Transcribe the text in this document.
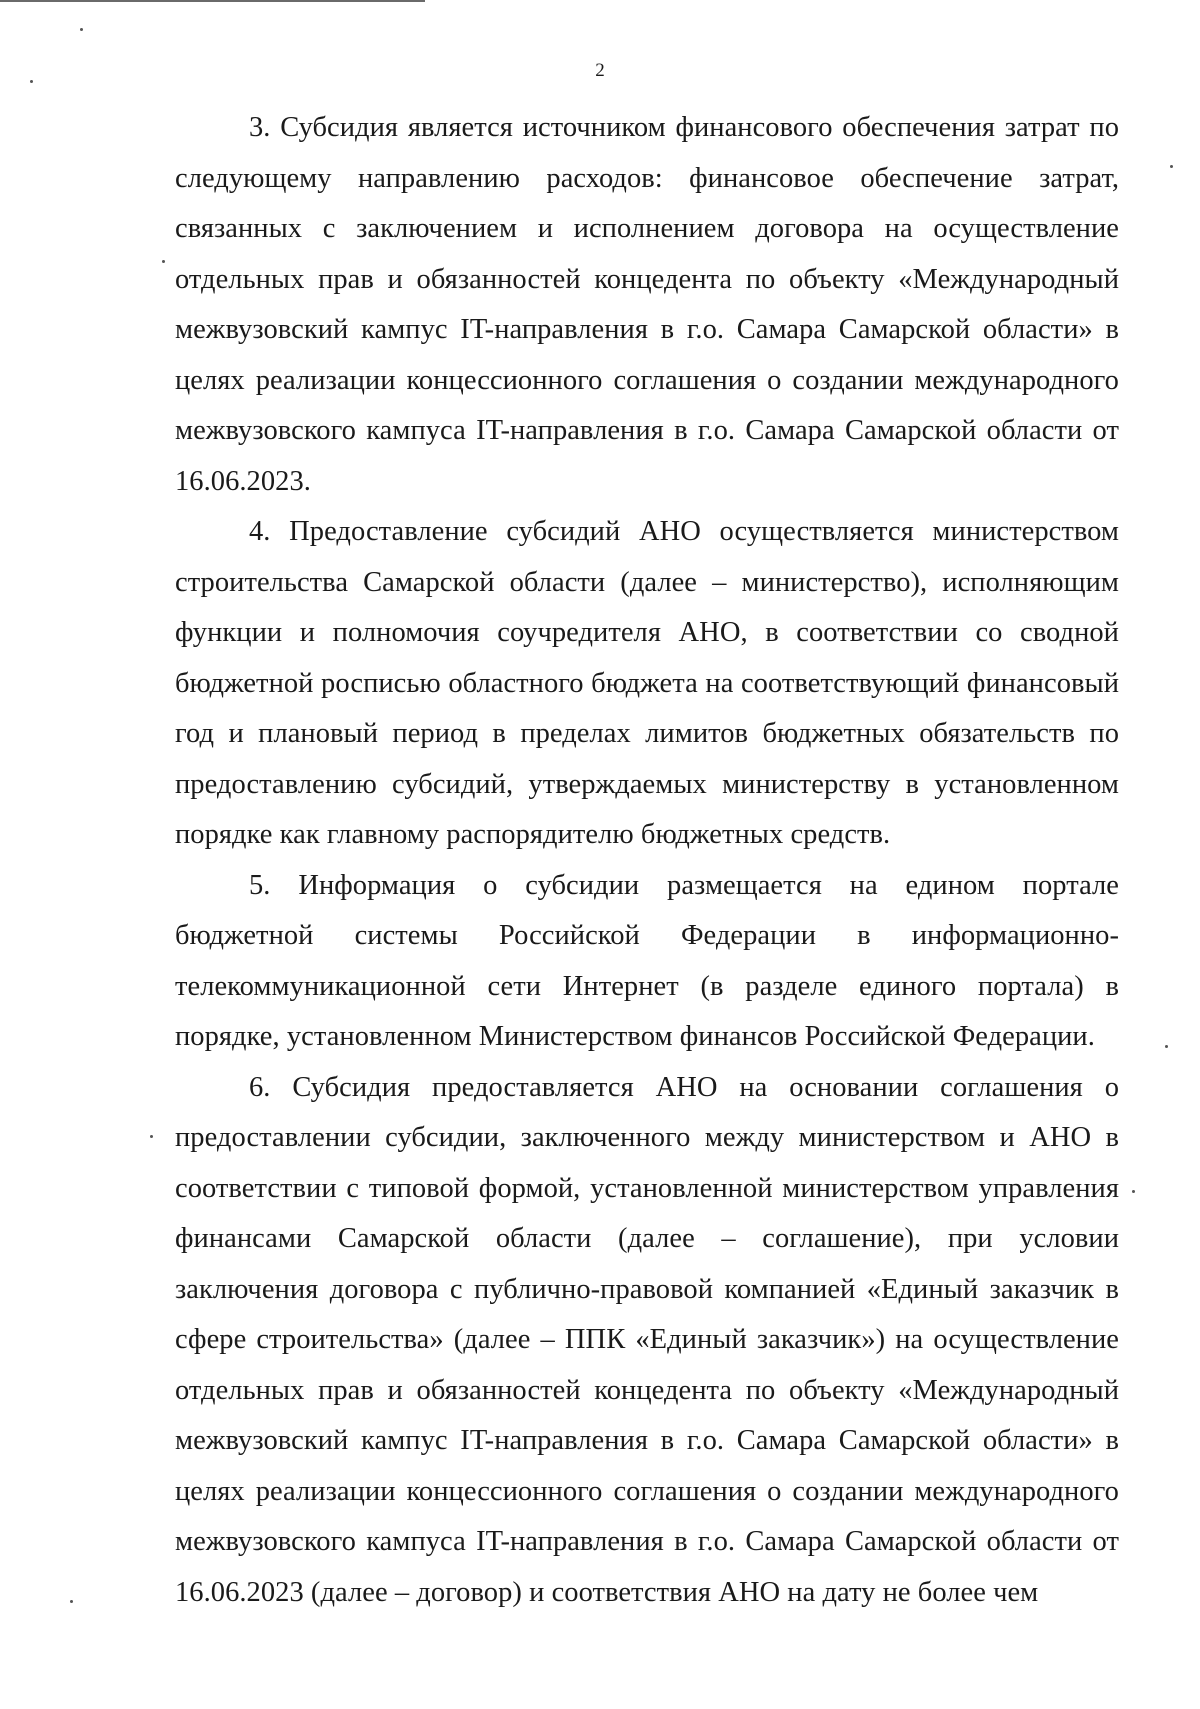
2

3. Субсидия является источником финансового обеспечения затрат по следующему направлению расходов: финансовое обеспечение затрат, связанных с заключением и исполнением договора на осуществление отдельных прав и обязанностей концедента по объекту «Международный межвузовский кампус IT-направления в г.о. Самара Самарской области» в целях реализации концессионного соглашения о создании международного межвузовского кампуса IT-направления в г.о. Самара Самарской области от 16.06.2023.

4. Предоставление субсидий АНО осуществляется министерством строительства Самарской области (далее – министерство), исполняющим функции и полномочия соучредителя АНО, в соответствии со сводной бюджетной росписью областного бюджета на соответствующий финансовый год и плановый период в пределах лимитов бюджетных обязательств по предоставлению субсидий, утверждаемых министерству в установленном порядке как главному распорядителю бюджетных средств.

5. Информация о субсидии размещается на едином портале бюджетной системы Российской Федерации в информационно-телекоммуникационной сети Интернет (в разделе единого портала) в порядке, установленном Министерством финансов Российской Федерации.

6. Субсидия предоставляется АНО на основании соглашения о предоставлении субсидии, заключенного между министерством и АНО в соответствии с типовой формой, установленной министерством управления финансами Самарской области (далее – соглашение), при условии заключения договора с публично-правовой компанией «Единый заказчик в сфере строительства» (далее – ППК «Единый заказчик») на осуществление отдельных прав и обязанностей концедента по объекту «Международный межвузовский кампус IT-направления в г.о. Самара Самарской области» в целях реализации концессионного соглашения о создании международного межвузовского кампуса IT-направления в г.о. Самара Самарской области от 16.06.2023 (далее – договор) и соответствия АНО на дату не более чем
